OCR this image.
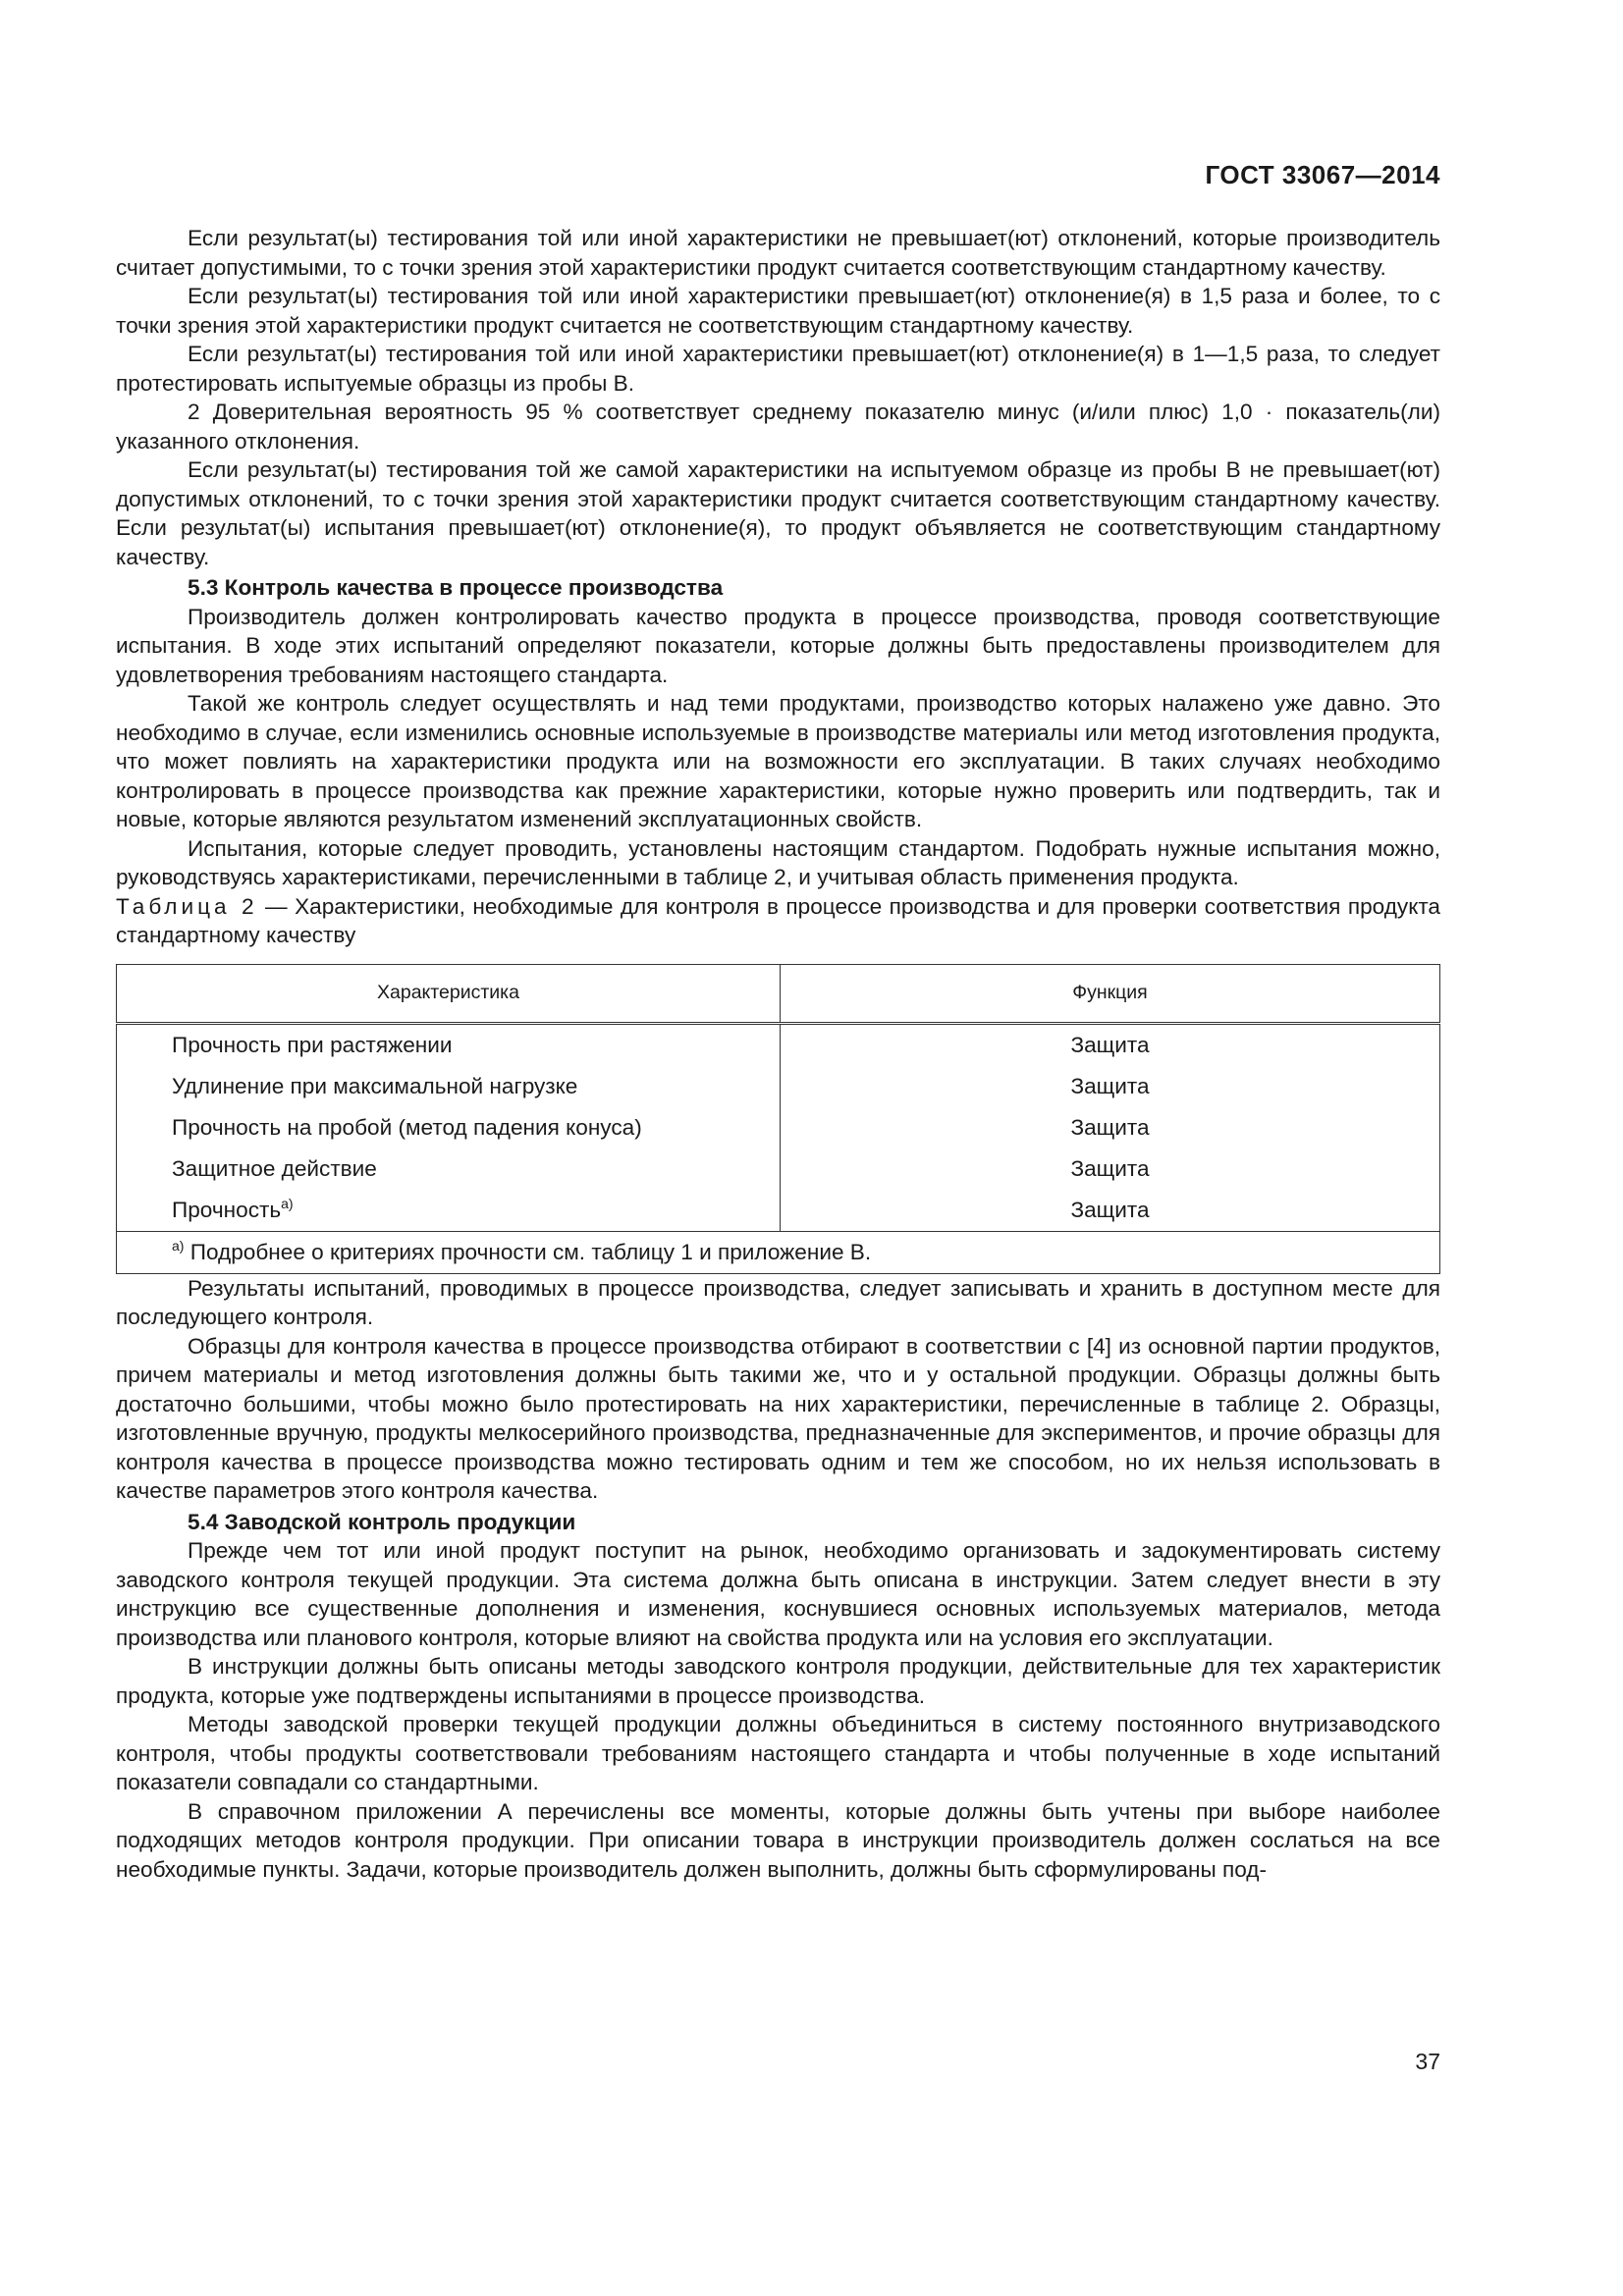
ГОСТ 33067—2014

Если результат(ы) тестирования той или иной характеристики не превышает(ют) отклонений, которые производитель считает допустимыми, то с точки зрения этой характеристики продукт считается соответствующим стандартному качеству.

Если результат(ы) тестирования той или иной характеристики превышает(ют) отклонение(я) в 1,5 раза и более, то с точки зрения этой характеристики продукт считается не соответствующим стандартному качеству.

Если результат(ы) тестирования той или иной характеристики превышает(ют) отклонение(я) в 1—1,5 раза, то следует протестировать испытуемые образцы из пробы В.

2 Доверительная вероятность 95 % соответствует среднему показателю минус (и/или плюс) 1,0 · показатель(ли) указанного отклонения.

Если результат(ы) тестирования той же самой характеристики на испытуемом образце из пробы В не превышает(ют) допустимых отклонений, то с точки зрения этой характеристики продукт считается соответствующим стандартному качеству. Если результат(ы) испытания превышает(ют) отклонение(я), то продукт объявляется не соответствующим стандартному качеству.

5.3 Контроль качества в процессе производства

Производитель должен контролировать качество продукта в процессе производства, проводя соответствующие испытания. В ходе этих испытаний определяют показатели, которые должны быть предоставлены производителем для удовлетворения требованиям настоящего стандарта.

Такой же контроль следует осуществлять и над теми продуктами, производство которых налажено уже давно. Это необходимо в случае, если изменились основные используемые в производстве материалы или метод изготовления продукта, что может повлиять на характеристики продукта или на возможности его эксплуатации. В таких случаях необходимо контролировать в процессе производства как прежние характеристики, которые нужно проверить или подтвердить, так и новые, которые являются результатом изменений эксплуатационных свойств.

Испытания, которые следует проводить, установлены настоящим стандартом. Подобрать нужные испытания можно, руководствуясь характеристиками, перечисленными в таблице 2, и учитывая область применения продукта.

Таблица 2 — Характеристики, необходимые для контроля в процессе производства и для проверки соответствия продукта стандартному качеству

Характеристика	Функция
Прочность при растяжении	Защита
Удлинение при максимальной нагрузке	Защита
Прочность на пробой (метод падения конуса)	Защита
Защитное действие	Защита
Прочность$^{а)}$	Защита
$^{а)}$ Подробнее о критериях прочности см. таблицу 1 и приложение В.	

Результаты испытаний, проводимых в процессе производства, следует записывать и хранить в доступном месте для последующего контроля.

Образцы для контроля качества в процессе производства отбирают в соответствии с [4] из основной партии продуктов, причем материалы и метод изготовления должны быть такими же, что и у остальной продукции. Образцы должны быть достаточно большими, чтобы можно было протестировать на них характеристики, перечисленные в таблице 2. Образцы, изготовленные вручную, продукты мелкосерийного производства, предназначенные для экспериментов, и прочие образцы для контроля качества в процессе производства можно тестировать одним и тем же способом, но их нельзя использовать в качестве параметров этого контроля качества.

5.4 Заводской контроль продукции

Прежде чем тот или иной продукт поступит на рынок, необходимо организовать и задокументировать систему заводского контроля текущей продукции. Эта система должна быть описана в инструкции. Затем следует внести в эту инструкцию все существенные дополнения и изменения, коснувшиеся основных используемых материалов, метода производства или планового контроля, которые влияют на свойства продукта или на условия его эксплуатации.

В инструкции должны быть описаны методы заводского контроля продукции, действительные для тех характеристик продукта, которые уже подтверждены испытаниями в процессе производства.

Методы заводской проверки текущей продукции должны объединиться в систему постоянного внутризаводского контроля, чтобы продукты соответствовали требованиям настоящего стандарта и чтобы полученные в ходе испытаний показатели совпадали со стандартными.

В справочном приложении А перечислены все моменты, которые должны быть учтены при выборе наиболее подходящих методов контроля продукции. При описании товара в инструкции производитель должен сослаться на все необходимые пункты. Задачи, которые производитель должен выполнить, должны быть сформулированы под-

37
